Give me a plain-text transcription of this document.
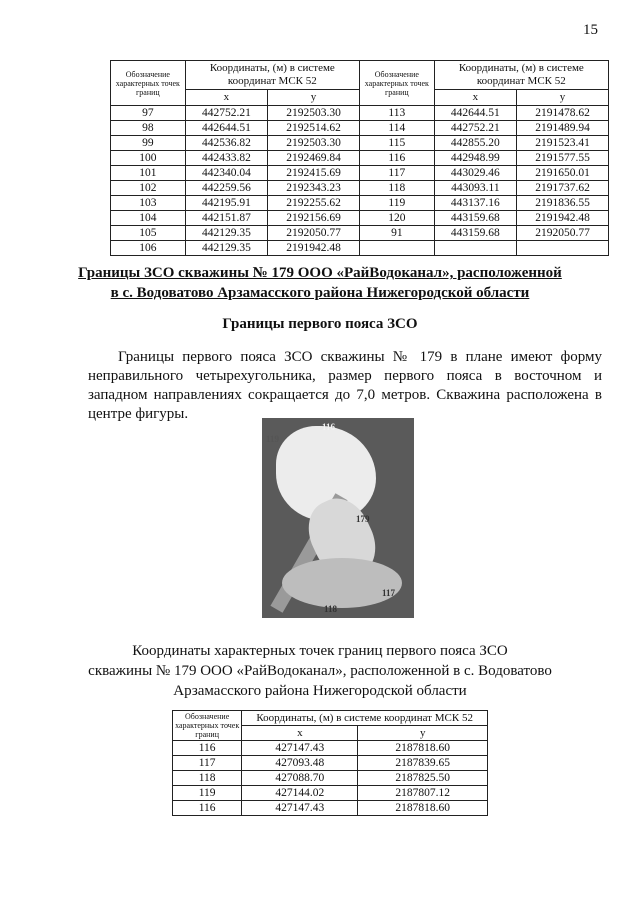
15
Обозначение характерных точек границ	Координаты, (м) в системе координат МСК 52		Обозначение характерных точек границ	Координаты, (м) в системе координат МСК 52	
	x	y		x	y
97	442752.21	2192503.30	113	442644.51	2191478.62
98	442644.51	2192514.62	114	442752.21	2191489.94
99	442536.82	2192503.30	115	442855.20	2191523.41
100	442433.82	2192469.84	116	442948.99	2191577.55
101	442340.04	2192415.69	117	443029.46	2191650.01
102	442259.56	2192343.23	118	443093.11	2191737.62
103	442195.91	2192255.62	119	443137.16	2191836.55
104	442151.87	2192156.69	120	443159.68	2191942.48
105	442129.35	2192050.77	91	443159.68	2192050.77
106	442129.35	2191942.48			
Границы ЗСО скважины № 179 ООО «РайВодоканал», расположенной
в с. Водоватово Арзамасского района Нижегородской области
Границы первого пояса ЗСО
Границы первого пояса ЗСО скважины № 179 в плане имеют форму неправильного четырехугольника, размер первого пояса в восточном и западном направлениях сокращается до 7,0 метров. Скважина расположена в центре фигуры.
116
119
179
117
118
Координаты характерных точек границ первого пояса ЗСО
скважины № 179 ООО «РайВодоканал», расположенной в с. Водоватово
Арзамасского района Нижегородской области
Обозначение характерных точек границ	Координаты, (м) в системе координат МСК 52	
	x	y
116	427147.43	2187818.60
117	427093.48	2187839.65
118	427088.70	2187825.50
119	427144.02	2187807.12
116	427147.43	2187818.60
